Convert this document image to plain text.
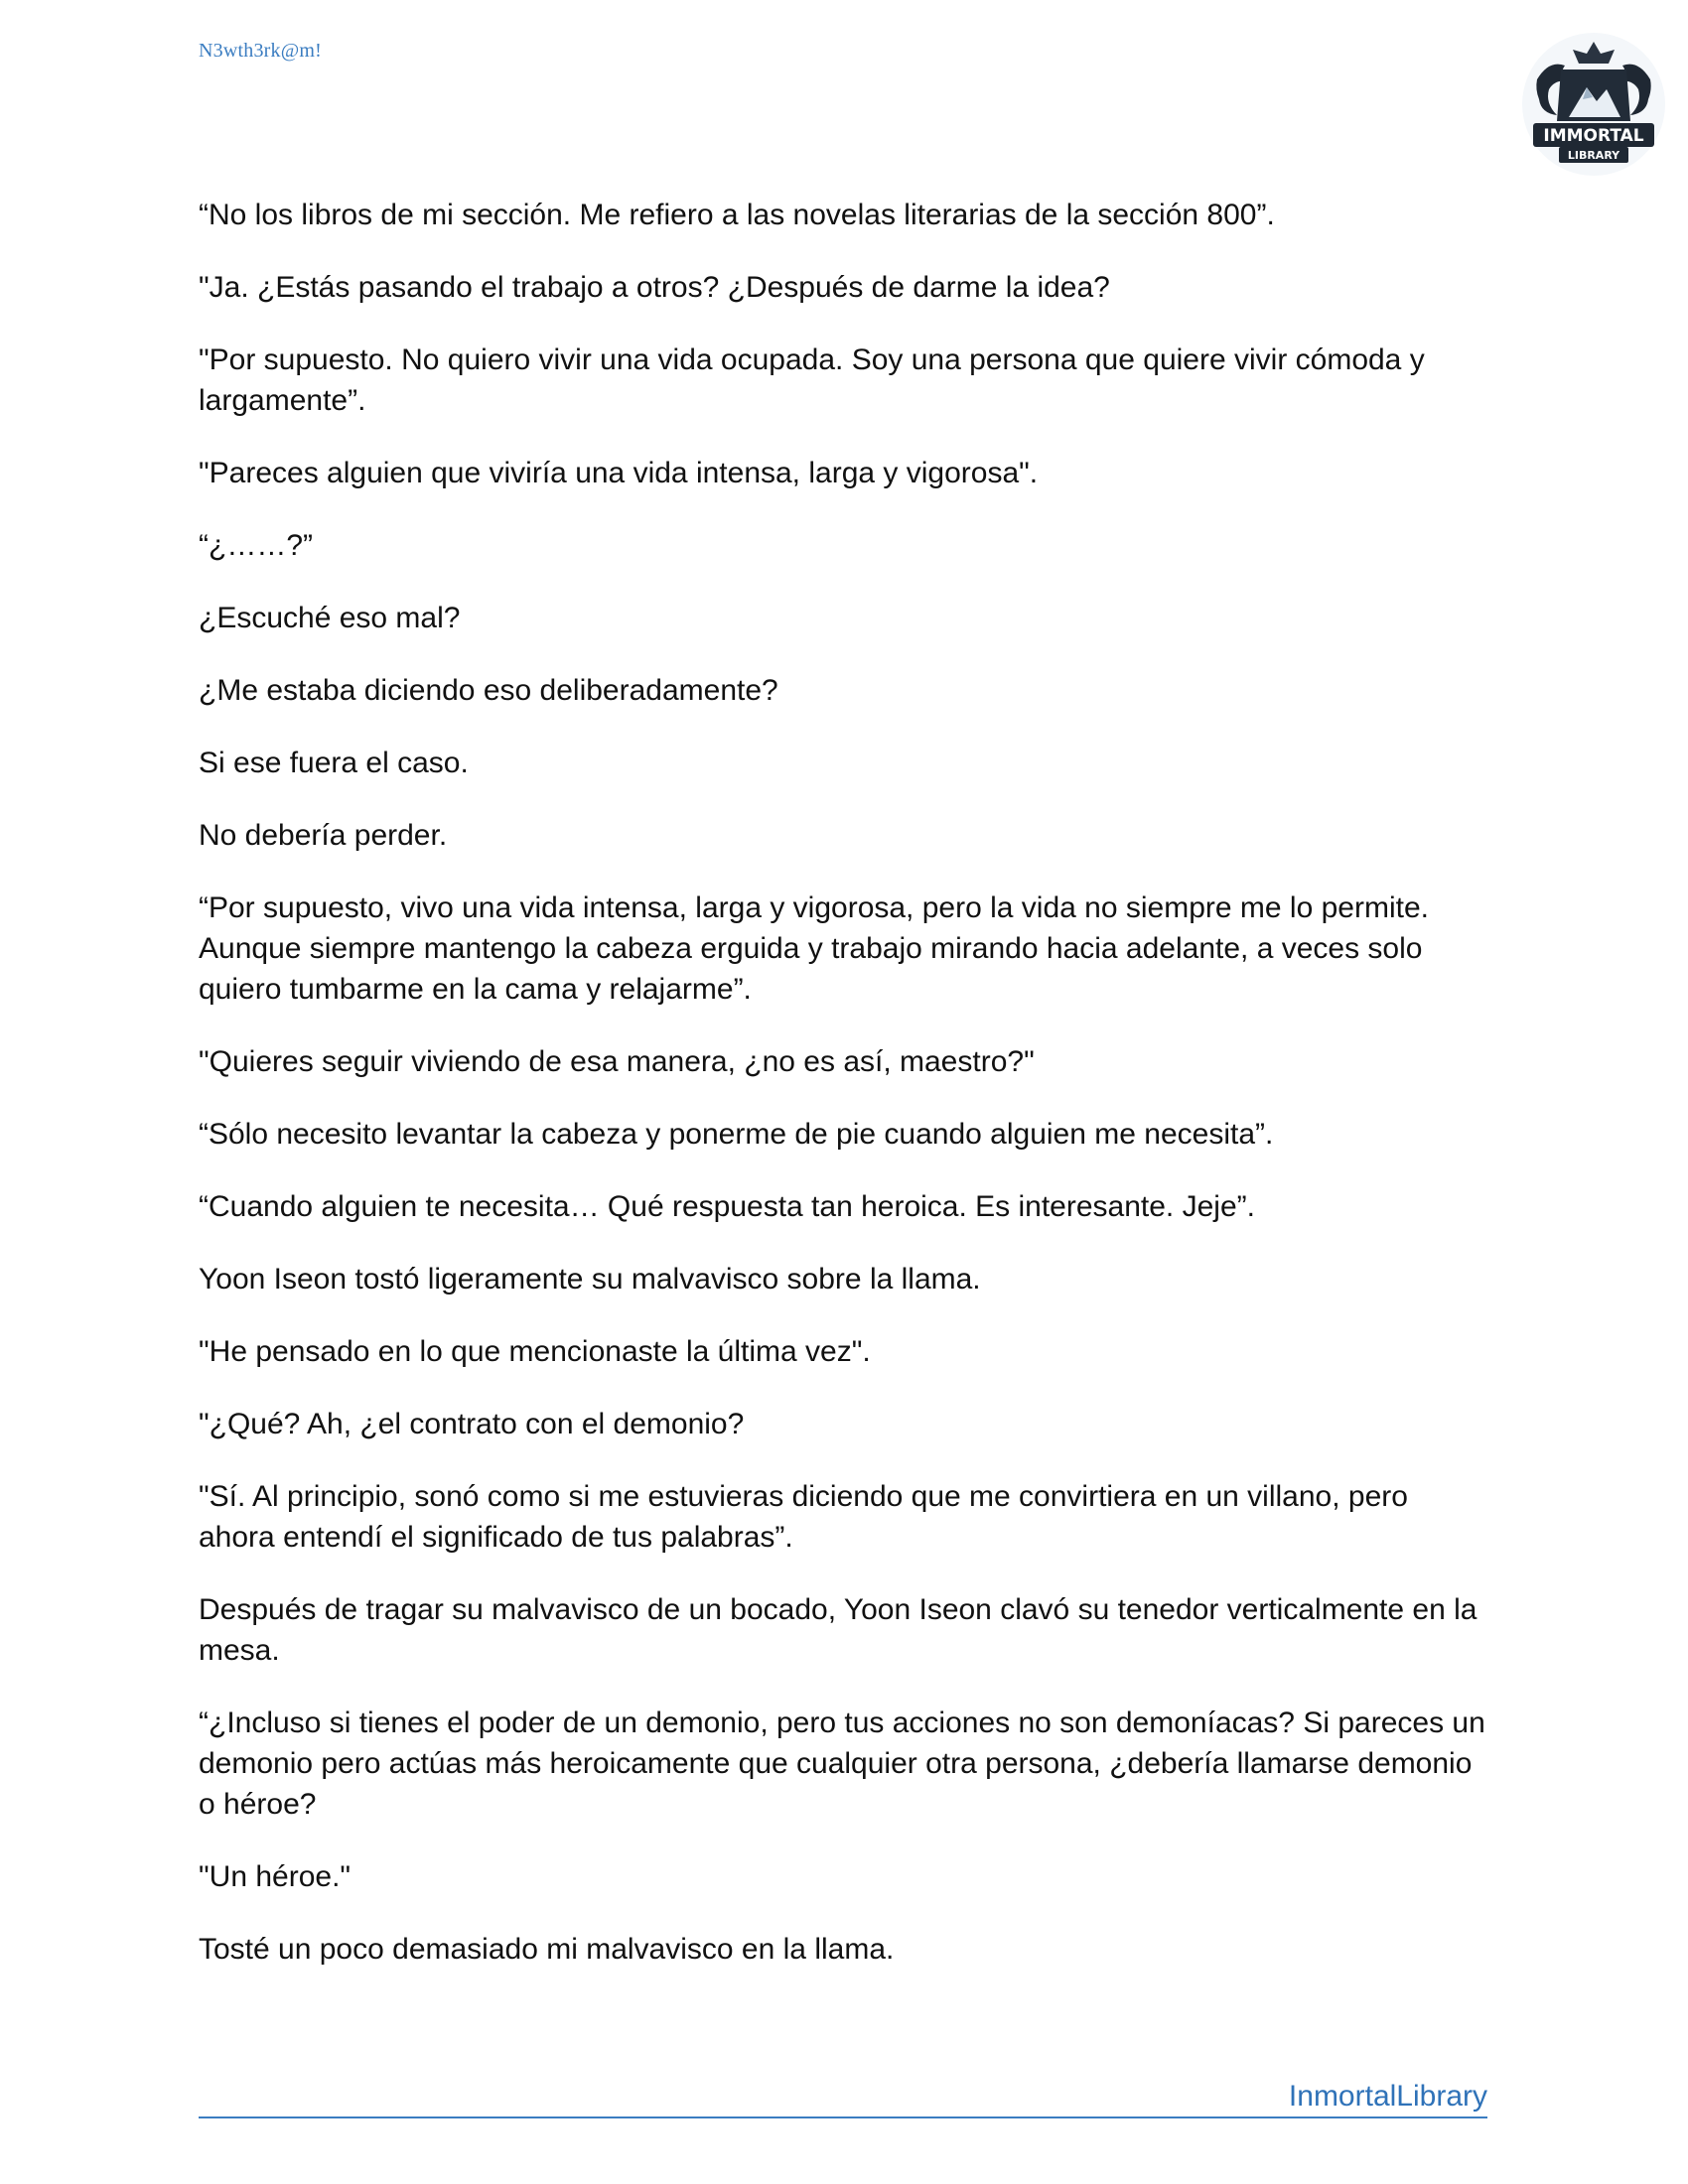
N3wth3rk@m!
IMMORTAL
LIBRARY

“No los libros de mi sección. Me refiero a las novelas literarias de la sección 800”.

"Ja. ¿Estás pasando el trabajo a otros? ¿Después de darme la idea?

"Por supuesto. No quiero vivir una vida ocupada. Soy una persona que quiere vivir cómoda y largamente”.

"Pareces alguien que viviría una vida intensa, larga y vigorosa".

“¿……?”

¿Escuché eso mal?

¿Me estaba diciendo eso deliberadamente?

Si ese fuera el caso.

No debería perder.

“Por supuesto, vivo una vida intensa, larga y vigorosa, pero la vida no siempre me lo permite. Aunque siempre mantengo la cabeza erguida y trabajo mirando hacia adelante, a veces solo quiero tumbarme en la cama y relajarme”.

"Quieres seguir viviendo de esa manera, ¿no es así, maestro?"

“Sólo necesito levantar la cabeza y ponerme de pie cuando alguien me necesita”.

“Cuando alguien te necesita… Qué respuesta tan heroica. Es interesante. Jeje”.

Yoon Iseon tostó ligeramente su malvavisco sobre la llama.

"He pensado en lo que mencionaste la última vez".

"¿Qué? Ah, ¿el contrato con el demonio?

"Sí. Al principio, sonó como si me estuvieras diciendo que me convirtiera en un villano, pero ahora entendí el significado de tus palabras”.

Después de tragar su malvavisco de un bocado, Yoon Iseon clavó su tenedor verticalmente en la mesa.

“¿Incluso si tienes el poder de un demonio, pero tus acciones no son demoníacas? Si pareces un demonio pero actúas más heroicamente que cualquier otra persona, ¿debería llamarse demonio o héroe?

"Un héroe."

Tosté un poco demasiado mi malvavisco en la llama.

InmortalLibrary
